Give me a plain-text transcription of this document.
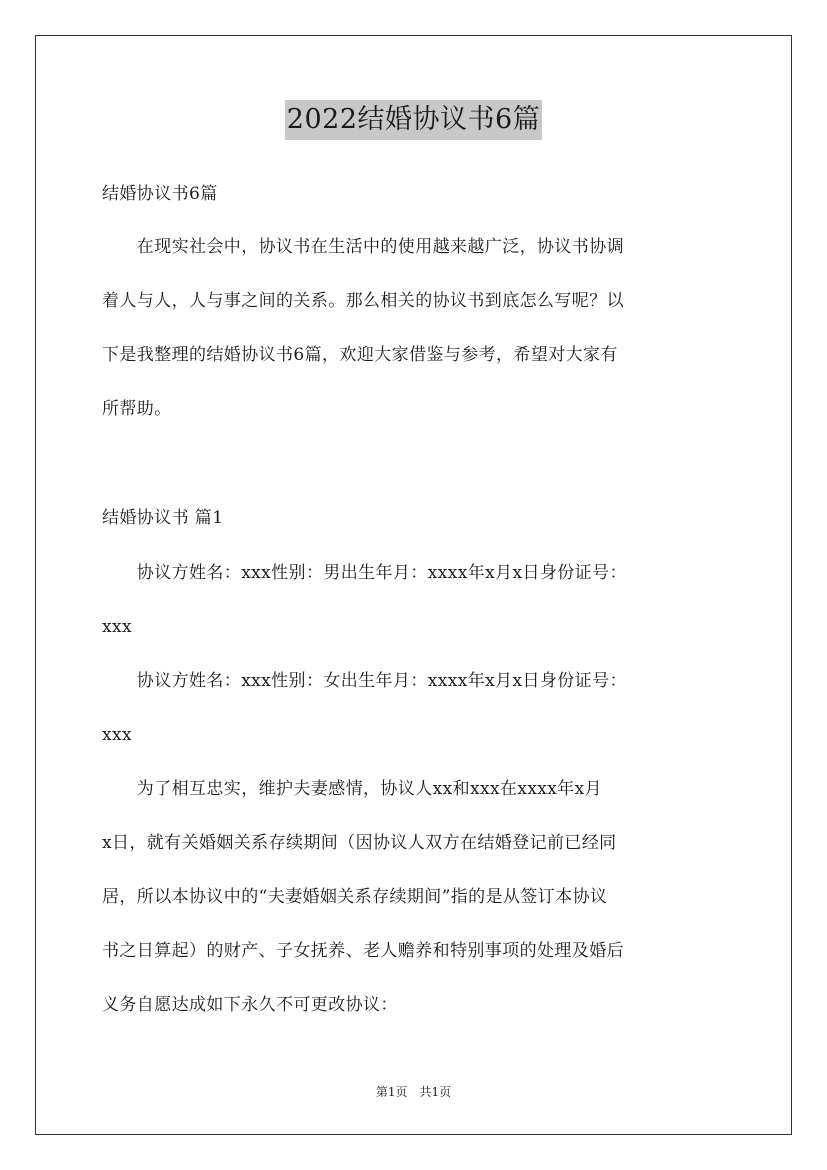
2022结婚协议书6篇
结婚协议书6篇
　　在现实社会中，协议书在生活中的使用越来越广泛，协议书协调
着人与人，人与事之间的关系。那么相关的协议书到底怎么写呢？以
下是我整理的结婚协议书6篇，欢迎大家借鉴与参考，希望对大家有
所帮助。
结婚协议书 篇1
　　协议方姓名：xxx性别：男出生年月：xxxx年x月x日身份证号：
xxx
　　协议方姓名：xxx性别：女出生年月：xxxx年x月x日身份证号：
xxx
　　为了相互忠实，维护夫妻感情，协议人xx和xxx在xxxx年x月
x日，就有关婚姻关系存续期间（因协议人双方在结婚登记前已经同
居，所以本协议中的“夫妻婚姻关系存续期间”指的是从签订本协议
书之日算起）的财产、子女抚养、老人赡养和特别事项的处理及婚后
义务自愿达成如下永久不可更改协议：
第1页　共1页
